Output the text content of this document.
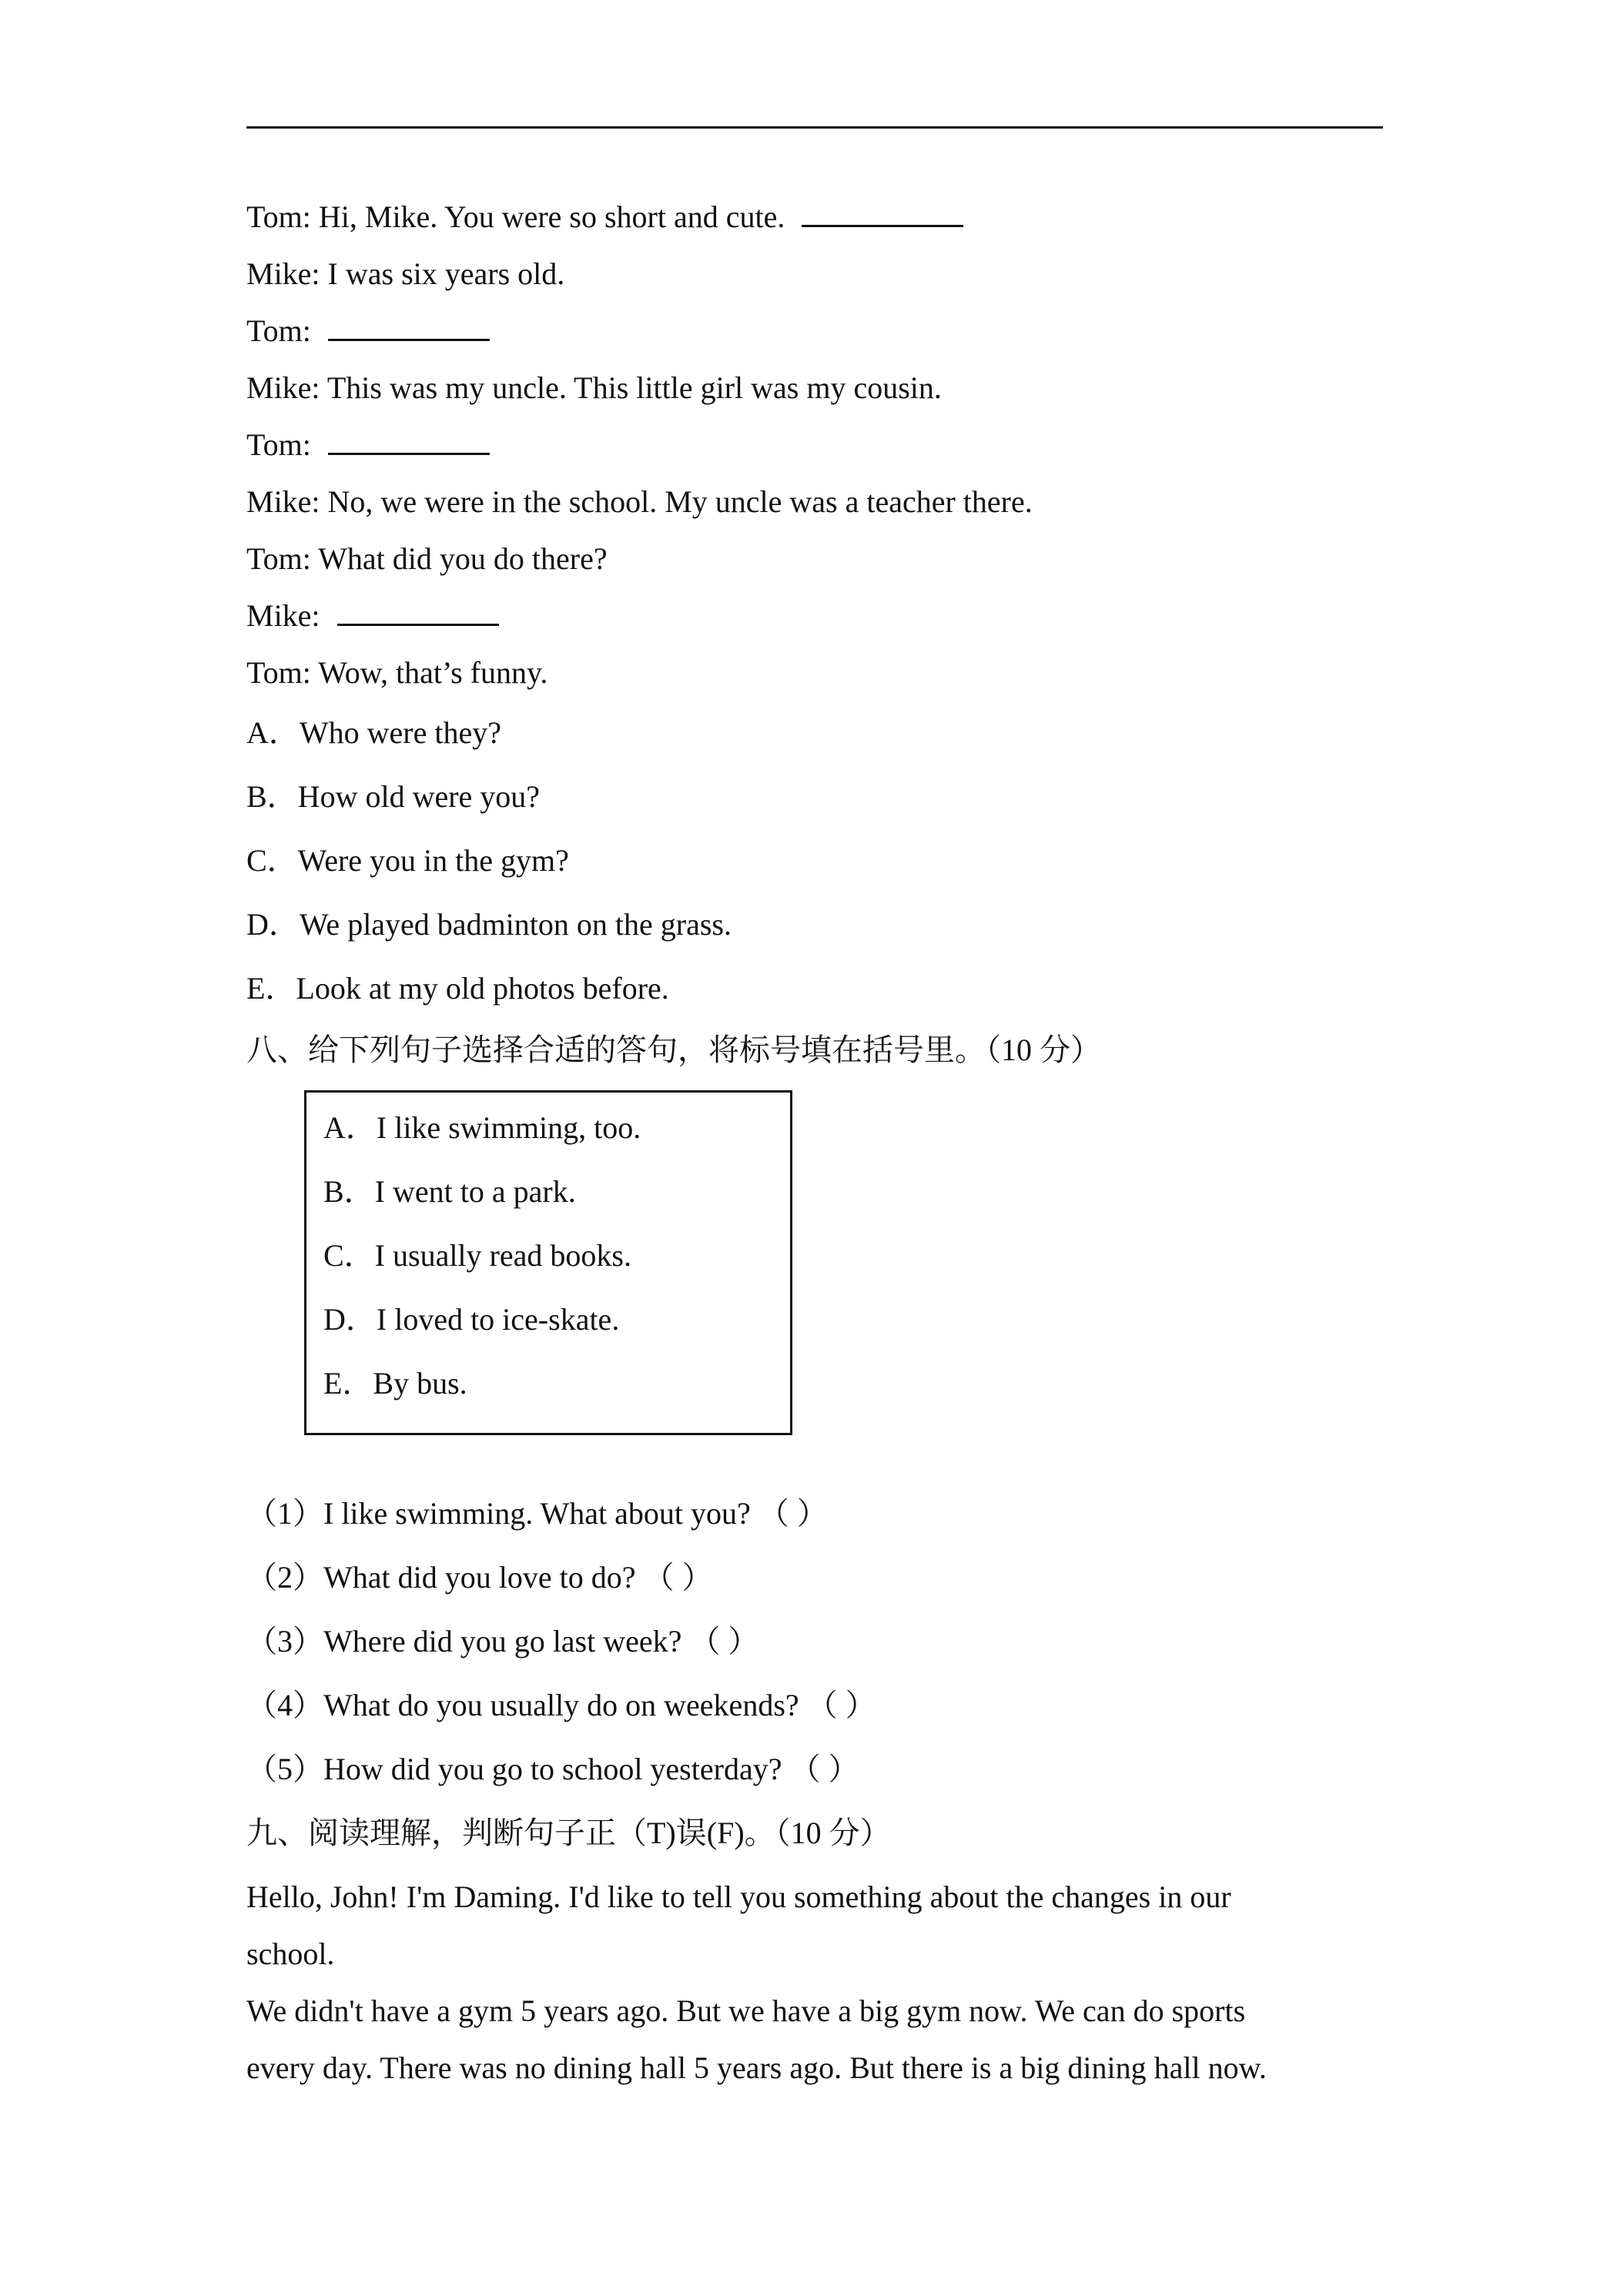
Tom: Hi, Mike. You were so short and cute.
Mike: I was six years old.
Tom:
Mike: This was my uncle. This little girl was my cousin.
Tom:
Mike: No, we were in the school. My uncle was a teacher there.
Tom: What did you do there?
Mike:
Tom: Wow, that’s funny.
A．Who were they?
B．How old were you?
C．Were you in the gym?
D．We played badminton on the grass.
E．Look at my old photos before.
八、给下列句子选择合适的答句，将标号填在括号里。（10 分）
A．I like swimming, too.
B．I went to a park.
C．I usually read books.
D．I loved to ice-skate.
E．By bus.
（1）I like swimming. What about you? （ ）
（2）What did you love to do? （ ）
（3）Where did you go last week? （ ）
（4）What do you usually do on weekends? （ ）
（5）How did you go to school yesterday? （ ）
九、阅读理解，判断句子正（T)误(F)。（10 分）
Hello, John! I'm Daming. I'd like to tell you something about the changes in our
school.
We didn't have a gym 5 years ago. But we have a big gym now. We can do sports
every day. There was no dining hall 5 years ago. But there is a big dining hall now.
